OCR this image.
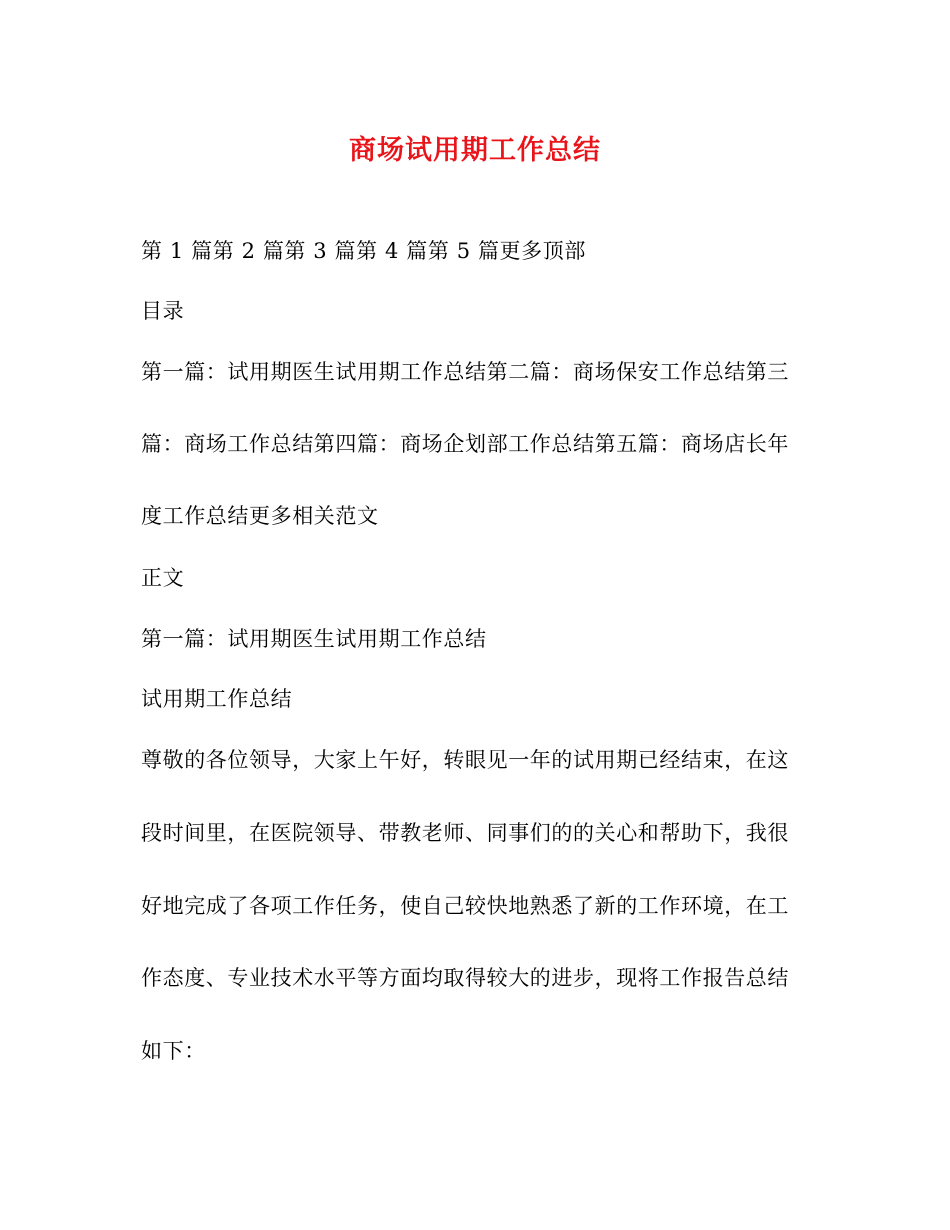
商场试用期工作总结
第 1 篇第 2 篇第 3 篇第 4 篇第 5 篇更多顶部
目录
第一篇：试用期医生试用期工作总结第二篇：商场保安工作总结第三
篇：商场工作总结第四篇：商场企划部工作总结第五篇：商场店长年
度工作总结更多相关范文
正文
第一篇：试用期医生试用期工作总结
试用期工作总结
尊敬的各位领导，大家上午好，转眼见一年的试用期已经结束，在这
段时间里，在医院领导、带教老师、同事们的的关心和帮助下，我很
好地完成了各项工作任务，使自己较快地熟悉了新的工作环境，在工
作态度、专业技术水平等方面均取得较大的进步，现将工作报告总结
如下：
